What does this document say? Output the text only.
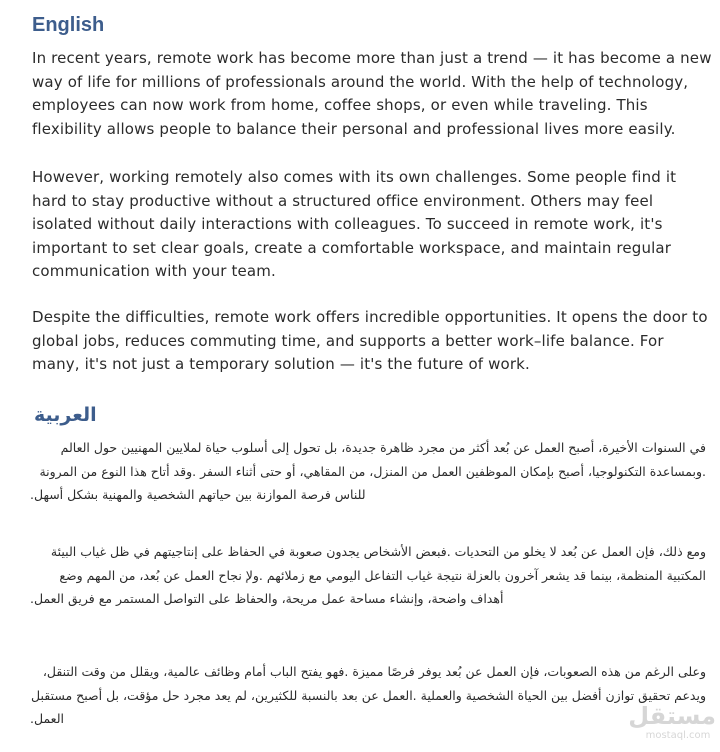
English

In recent years, remote work has become more than just a trend — it has become a new way of life for millions of professionals around the world. With the help of technology, employees can now work from home, coffee shops, or even while traveling. This flexibility allows people to balance their personal and professional lives more easily.

However, working remotely also comes with its own challenges. Some people find it hard to stay productive without a structured office environment. Others may feel isolated without daily interactions with colleagues. To succeed in remote work, it's important to set clear goals, create a comfortable workspace, and maintain regular communication with your team.

Despite the difficulties, remote work offers incredible opportunities. It opens the door to global jobs, reduces commuting time, and supports a better work–life balance. For many, it's not just a temporary solution — it's the future of work.

العربية

في السنوات الأخيرة، أصبح العمل عن بُعد أكثر من مجرد ظاهرة جديدة، بل تحول إلى أسلوب حياة لملايين المهنيين حول العالم .وبمساعدة التكنولوجيا، أصبح بإمكان الموظفين العمل من المنزل، من المقاهي، أو حتى أثناء السفر .وقد أتاح هذا النوع من المرونة للناس فرصة الموازنة بين حياتهم الشخصية والمهنية بشكل أسهل.

ومع ذلك، فإن العمل عن بُعد لا يخلو من التحديات .فبعض الأشخاص يجدون صعوبة في الحفاظ على إنتاجيتهم في ظل غياب البيئة المكتبية المنظمة، بينما قد يشعر آخرون بالعزلة نتيجة غياب التفاعل اليومي مع زملائهم .ولإ نجاح العمل عن بُعد، من المهم وضع أهداف واضحة، وإنشاء مساحة عمل مريحة، والحفاظ على التواصل المستمر مع فريق العمل.

وعلى الرغم من هذه الصعوبات، فإن العمل عن بُعد يوفر فرصًا مميزة .فهو يفتح الباب أمام وظائف عالمية، ويقلل من وقت التنقل، ويدعم تحقيق توازن أفضل بين الحياة الشخصية والعملية .العمل عن بعد بالنسبة للكثيرين، لم يعد مجرد حل مؤقت، بل أصبح مستقبل العمل.	مستقل
mostaql.com
